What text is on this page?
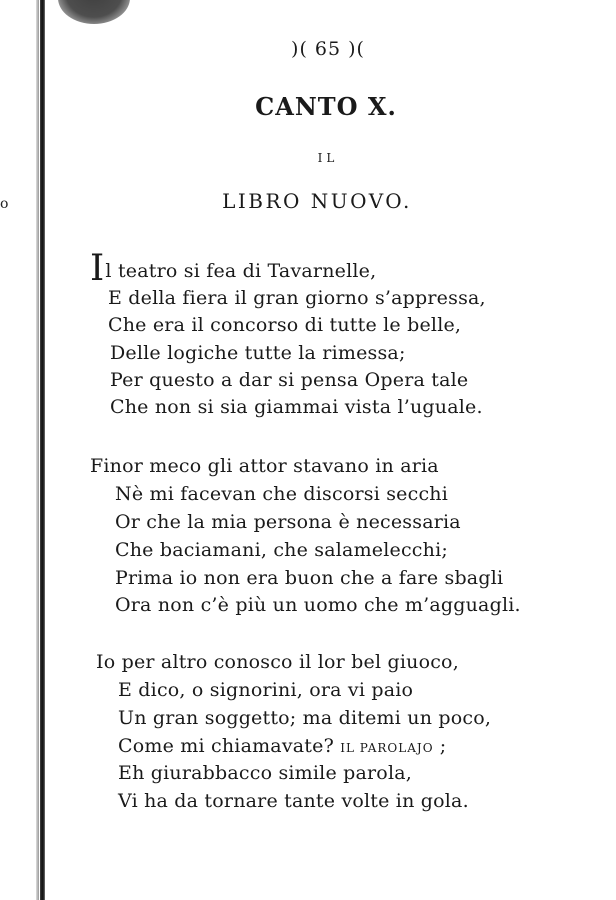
o
)( 65 )(
CANTO X.
IL
LIBRO NUOVO.
Il teatro si fea di Tavarnelle,
E della fiera il gran giorno s’appressa,
Che era il concorso di tutte le belle,
Delle logiche tutte la rimessa;
Per questo a dar si pensa Opera tale
Che non si sia giammai vista l’uguale.
Finor meco gli attor stavano in aria
Nè mi facevan che discorsi secchi
Or che la mia persona è necessaria
Che baciamani, che salamelecchi;
Prima io non era buon che a fare sbagli
Ora non c’è più un uomo che m’agguagli.
Io per altro conosco il lor bel giuoco,
E dico, o signorini, ora vi paio
Un gran soggetto; ma ditemi un poco,
Come mi chiamavate? IL PAROLAJO ;
Eh giurabbacco simile parola,
Vi ha da tornare tante volte in gola.
